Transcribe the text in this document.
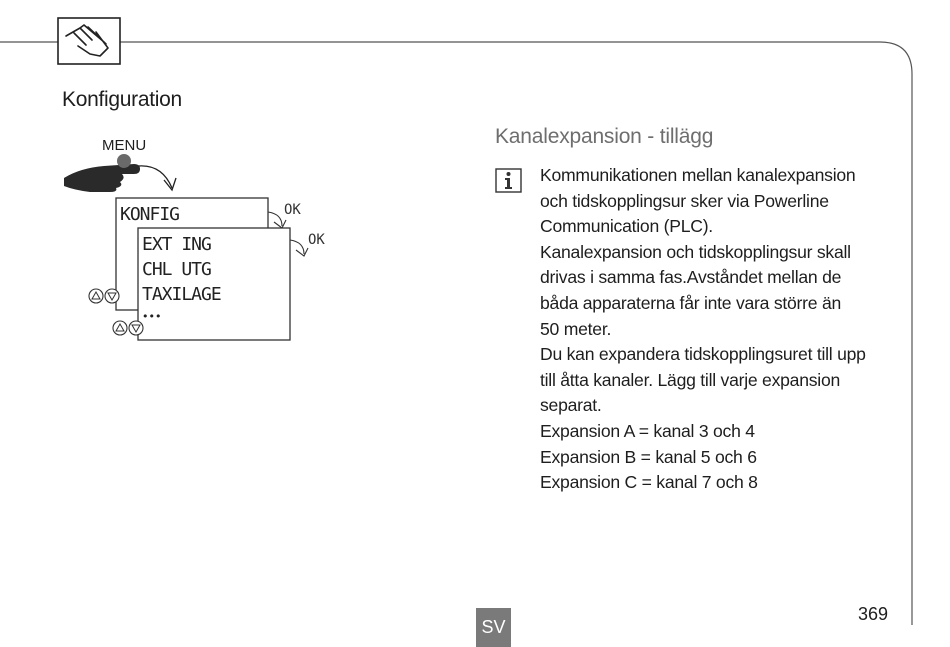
Konfiguration
MENU
KONFIG	OK
EXT ING
CHL UTG
TAXILAGE
•••
OK
Kanalexpansion - tillägg
Kommunikationen mellan kanalexpansion
och tidskopplingsur sker via Powerline
Communication (PLC).
Kanalexpansion och tidskopplingsur skall
drivas i samma fas.Avståndet mellan de
båda apparaterna får inte vara större än
50 meter.
Du kan expandera tidskopplingsuret till upp
till åtta kanaler. Lägg till varje expansion
separat.
Expansion A = kanal 3 och 4
Expansion B = kanal 5 och 6
Expansion C = kanal 7 och 8
SV
369
